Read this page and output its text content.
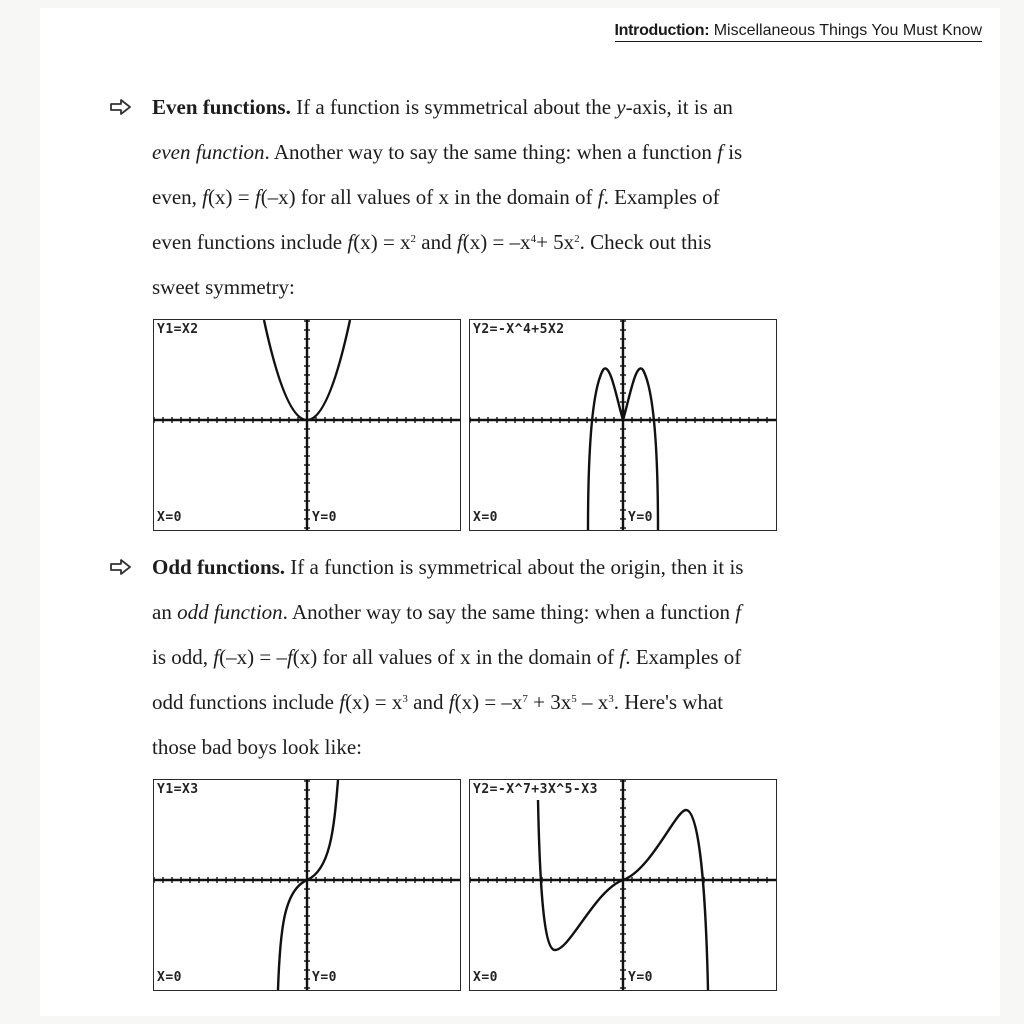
Introduction: Miscellaneous Things You Must Know
Even functions. If a function is symmetrical about the y-axis, it is an
even function. Another way to say the same thing: when a function f is
even, f(x) = f(–x) for all values of x in the domain of f. Examples of
even functions include $f(x) = x^2$ and $f(x) = -x^4+ 5x^2$. Check out this
sweet symmetry:
Y1=X2
X=0	Y=0
Y2=-X^4+5X2
X=0	Y=0
Odd functions. If a function is symmetrical about the origin, then it is
an odd function. Another way to say the same thing: when a function f
is odd, f(–x) = –f(x) for all values of x in the domain of f. Examples of
odd functions include $f(x) = x^3$ and $f(x) = -x^7 + 3x^5 - x^3$. Here's what
those bad boys look like:
Y1=X3
X=0	Y=0
Y2=-X^7+3X^5-X3
X=0	Y=0
